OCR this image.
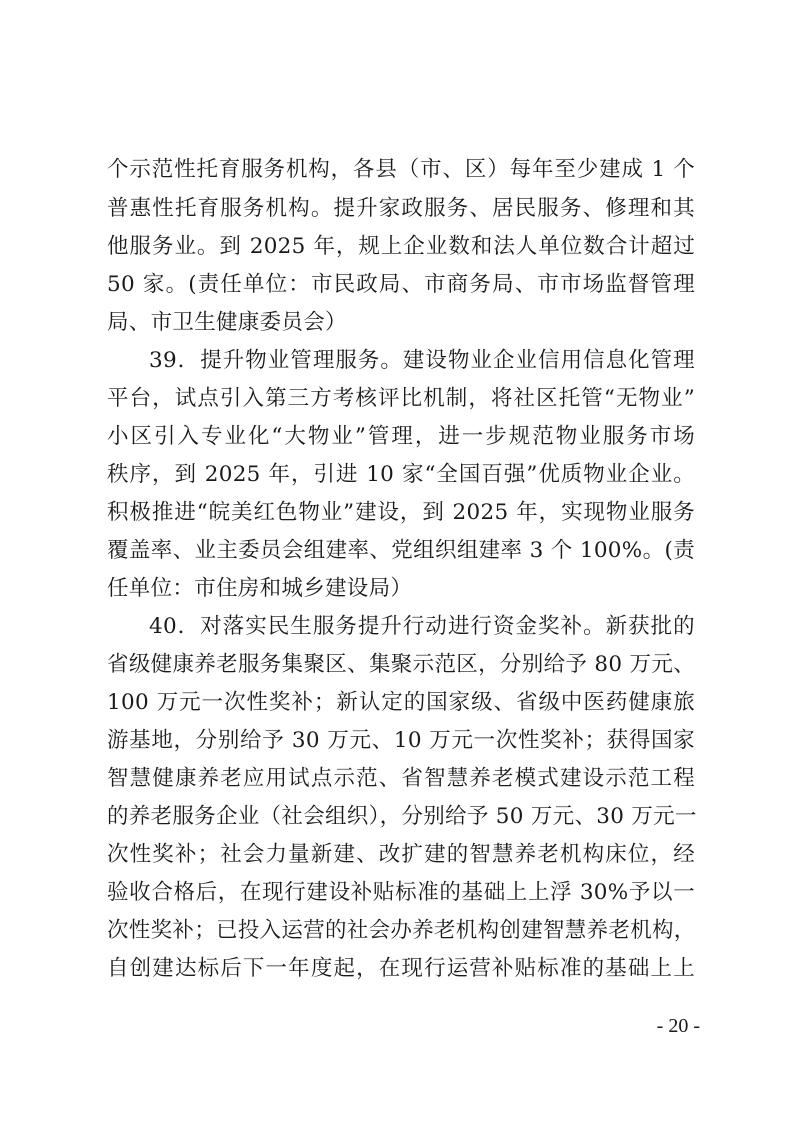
个示范性托育服务机构，各县（市、区）每年至少建成 1 个
普惠性托育服务机构。提升家政服务、居民服务、修理和其
他服务业。到 2025 年，规上企业数和法人单位数合计超过
50 家。(责任单位：市民政局、市商务局、市市场监督管理
局、市卫生健康委员会）
39．提升物业管理服务。建设物业企业信用信息化管理
平台，试点引入第三方考核评比机制，将社区托管“无物业”
小区引入专业化“大物业”管理，进一步规范物业服务市场
秩序，到 2025 年，引进 10 家“全国百强”优质物业企业。
积极推进“皖美红色物业”建设，到 2025 年，实现物业服务
覆盖率、业主委员会组建率、党组织组建率 3 个 100%。(责
任单位：市住房和城乡建设局）
40．对落实民生服务提升行动进行资金奖补。新获批的
省级健康养老服务集聚区、集聚示范区，分别给予 80 万元、
100 万元一次性奖补；新认定的国家级、省级中医药健康旅
游基地，分别给予 30 万元、10 万元一次性奖补；获得国家
智慧健康养老应用试点示范、省智慧养老模式建设示范工程
的养老服务企业（社会组织），分别给予 50 万元、30 万元一
次性奖补；社会力量新建、改扩建的智慧养老机构床位，经
验收合格后，在现行建设补贴标准的基础上上浮 30%予以一
次性奖补；已投入运营的社会办养老机构创建智慧养老机构，
自创建达标后下一年度起，在现行运营补贴标准的基础上上
- 20 -
